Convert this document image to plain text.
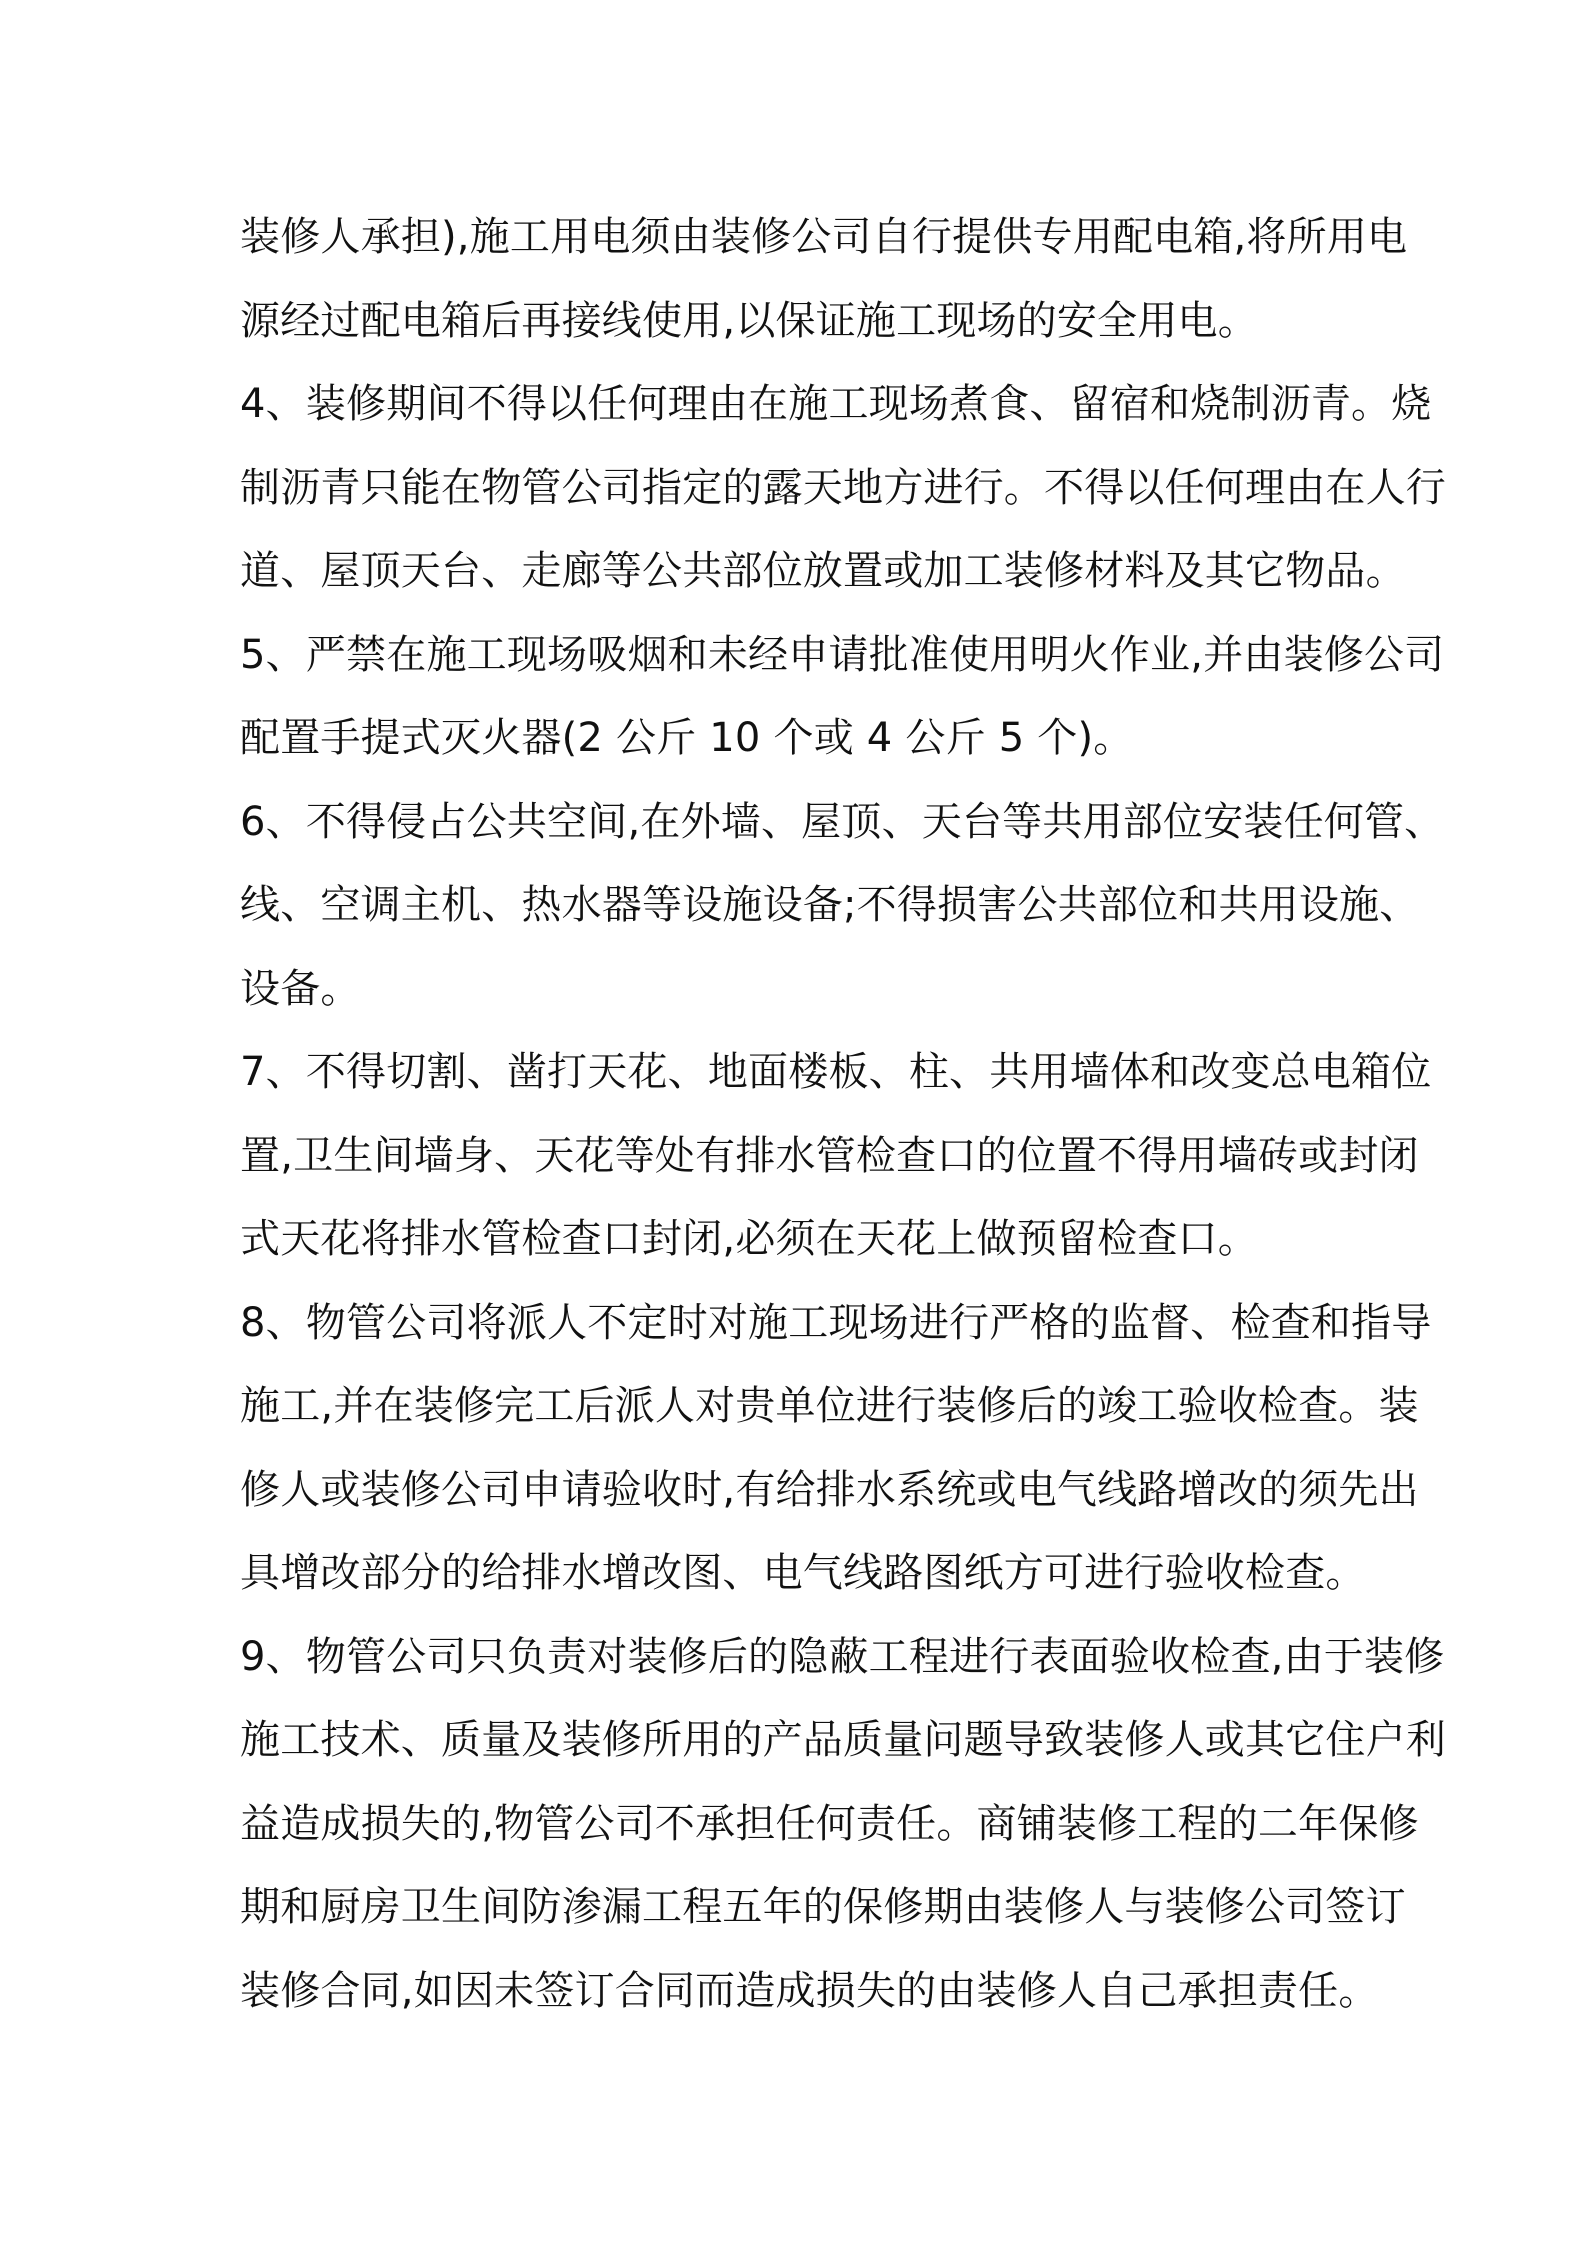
装修人承担),施工用电须由装修公司自行提供专用配电箱,将所用电
源经过配电箱后再接线使用,以保证施工现场的安全用电。
4、装修期间不得以任何理由在施工现场煮食、留宿和烧制沥青。烧
制沥青只能在物管公司指定的露天地方进行。不得以任何理由在人行
道、屋顶天台、走廊等公共部位放置或加工装修材料及其它物品。
5、严禁在施工现场吸烟和未经申请批准使用明火作业,并由装修公司
配置手提式灭火器(2 公斤 10 个或 4 公斤 5 个)。
6、不得侵占公共空间,在外墙、屋顶、天台等共用部位安装任何管、
线、空调主机、热水器等设施设备;不得损害公共部位和共用设施、
设备。
7、不得切割、凿打天花、地面楼板、柱、共用墙体和改变总电箱位
置,卫生间墙身、天花等处有排水管检查口的位置不得用墙砖或封闭
式天花将排水管检查口封闭,必须在天花上做预留检查口。
8、物管公司将派人不定时对施工现场进行严格的监督、检查和指导
施工,并在装修完工后派人对贵单位进行装修后的竣工验收检查。装
修人或装修公司申请验收时,有给排水系统或电气线路增改的须先出
具增改部分的给排水增改图、电气线路图纸方可进行验收检查。
9、物管公司只负责对装修后的隐蔽工程进行表面验收检查,由于装修
施工技术、质量及装修所用的产品质量问题导致装修人或其它住户利
益造成损失的,物管公司不承担任何责任。商铺装修工程的二年保修
期和厨房卫生间防渗漏工程五年的保修期由装修人与装修公司签订
装修合同,如因未签订合同而造成损失的由装修人自己承担责任。
